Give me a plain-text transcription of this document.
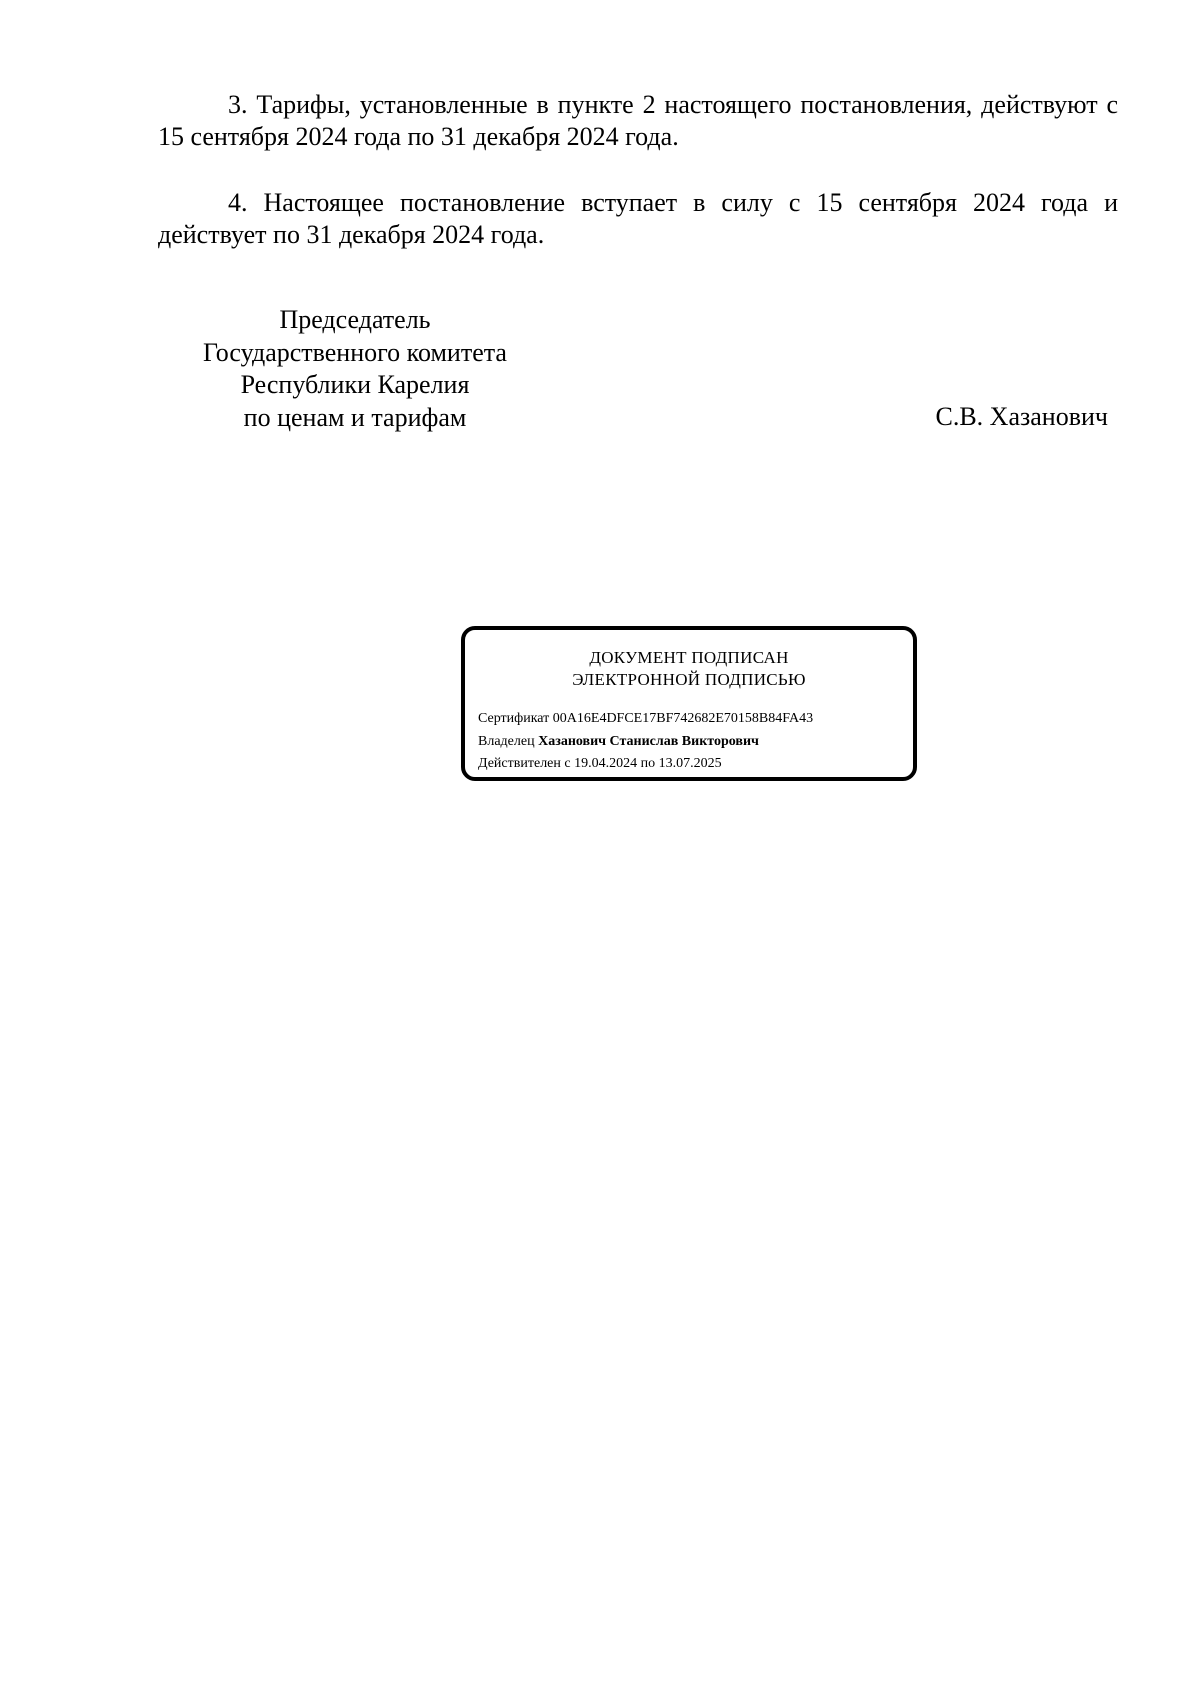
3. Тарифы, установленные в пункте 2 настоящего постановления, действуют с 15 сентября 2024 года по 31 декабря 2024 года.

4. Настоящее постановление вступает в силу с 15 сентября 2024 года и действует по 31 декабря 2024 года.

Председатель
Государственного комитета
Республики Карелия
по ценам и тарифам	С.В. Хазанович
ДОКУМЕНТ ПОДПИСАН
ЭЛЕКТРОННОЙ ПОДПИСЬЮ
Сертификат 00A16E4DFCE17BF742682E70158B84FA43
Владелец Хазанович Станислав Викторович
Действителен с 19.04.2024 по 13.07.2025
